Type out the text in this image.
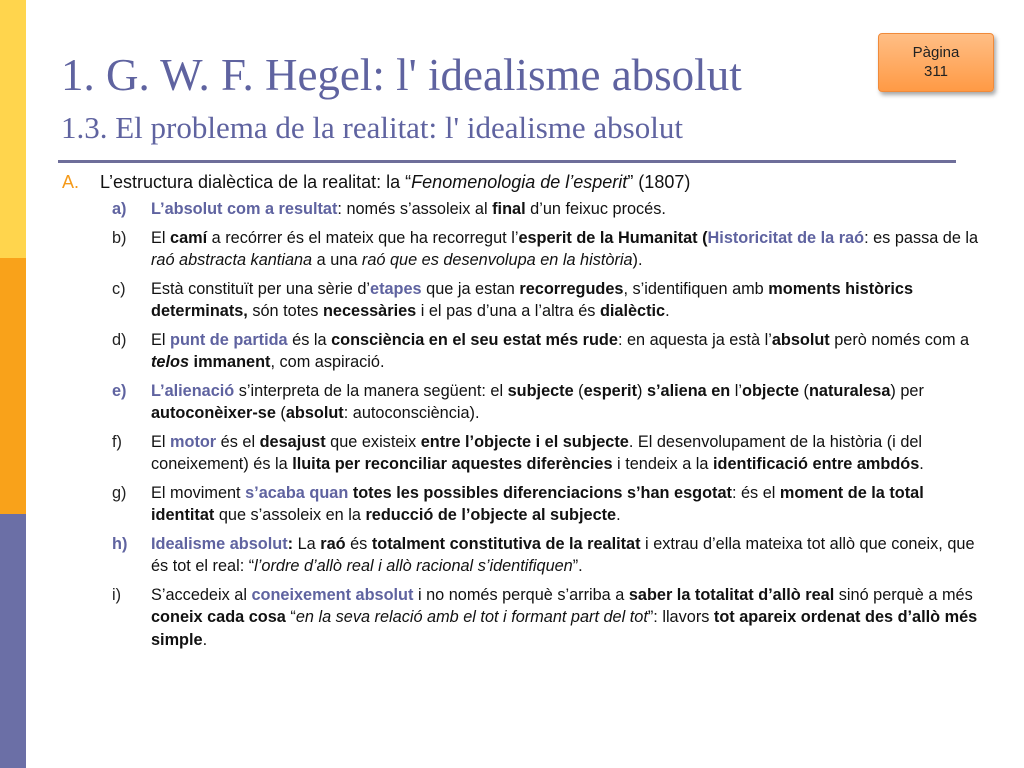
Pàgina
311
1. G. W. F. Hegel: l' idealisme absolut
1.3. El problema de la realitat: l' idealisme absolut
A. L’estructura dialèctica de la realitat: la “Fenomenologia de l’esperit” (1807)
a) L’absolut com a resultat: només s’assoleix al final d’un feixuc procés.
b) El camí a recórrer és el mateix que ha recorregut l’esperit de la Humanitat (Historicitat de la raó: es passa de la raó abstracta kantiana a una raó que es desenvolupa en la història).
c) Està constituït per una sèrie d’etapes que ja estan recorregudes, s’identifiquen amb moments històrics determinats, són totes necessàries i el pas d’una a l’altra és dialèctic.
d) El punt de partida és la consciència en el seu estat més rude: en aquesta ja està l’absolut però només com a telos immanent, com aspiració.
e) L’alienació s’interpreta de la manera següent: el subjecte (esperit) s’aliena en l’objecte (naturalesa) per autoconèixer-se (absolut: autoconsciència).
f) El motor és el desajust que existeix entre l’objecte i el subjecte. El desenvolupament de la història (i del coneixement) és la lluita per reconciliar aquestes diferències i tendeix a la identificació entre ambdós.
g) El moviment s’acaba quan totes les possibles diferenciacions s’han esgotat: és el moment de la total identitat que s’assoleix en la reducció de l’objecte al subjecte.
h) Idealisme absolut: La raó és totalment constitutiva de la realitat i extrau d’ella mateixa tot allò que coneix, que és tot el real: “l’ordre d’allò real i allò racional s’identifiquen”.
i) S’accedeix al coneixement absolut i no només perquè s’arriba a saber la totalitat d’allò real sinó perquè a més coneix cada cosa “en la seva relació amb el tot i formant part del tot”: llavors tot apareix ordenat des d’allò més simple.
